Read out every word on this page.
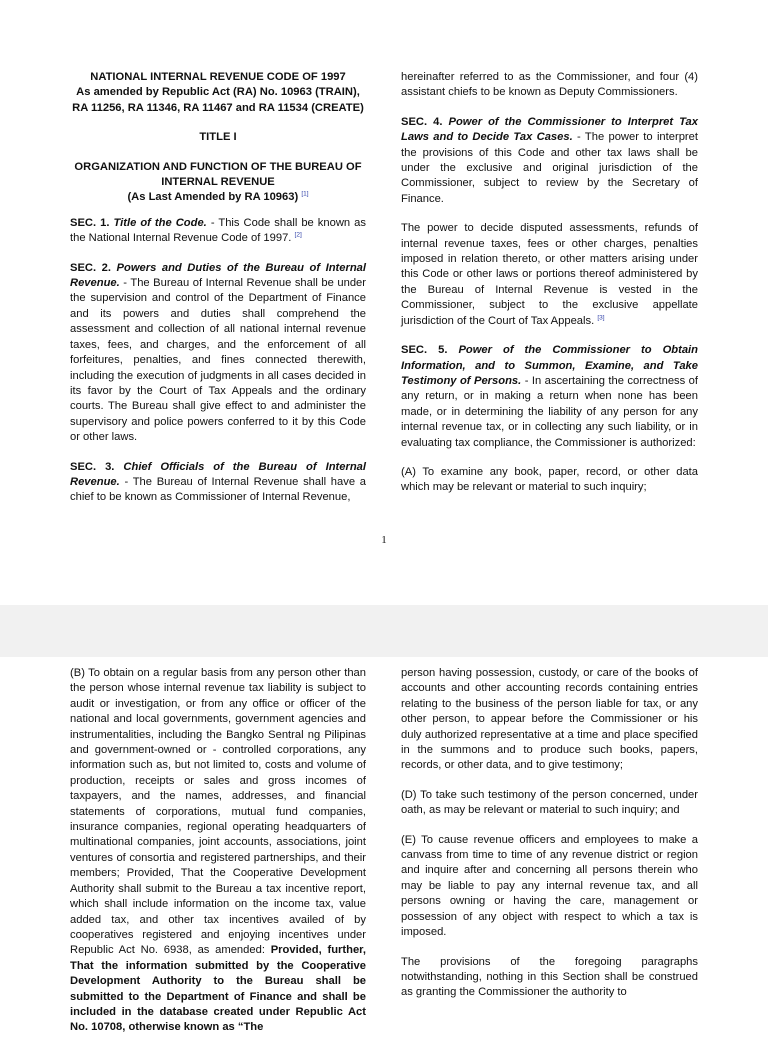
NATIONAL INTERNAL REVENUE CODE OF 1997
As amended by Republic Act (RA) No. 10963 (TRAIN),
RA 11256, RA 11346, RA 11467 and RA 11534 (CREATE)

TITLE I

ORGANIZATION AND FUNCTION OF THE BUREAU OF
INTERNAL REVENUE
(As Last Amended by RA 10963) [1]

SEC. 1. Title of the Code. - This Code shall be known as the National Internal Revenue Code of 1997. [2]

SEC. 2. Powers and Duties of the Bureau of Internal Revenue. - The Bureau of Internal Revenue shall be under the supervision and control of the Department of Finance and its powers and duties shall comprehend the assessment and collection of all national internal revenue taxes, fees, and charges, and the enforcement of all forfeitures, penalties, and fines connected therewith, including the execution of judgments in all cases decided in its favor by the Court of Tax Appeals and the ordinary courts. The Bureau shall give effect to and administer the supervisory and police powers conferred to it by this Code or other laws.

SEC. 3. Chief Officials of the Bureau of Internal Revenue. - The Bureau of Internal Revenue shall have a chief to be known as Commissioner of Internal Revenue,

hereinafter referred to as the Commissioner, and four (4) assistant chiefs to be known as Deputy Commissioners.

SEC. 4. Power of the Commissioner to Interpret Tax Laws and to Decide Tax Cases. - The power to interpret the provisions of this Code and other tax laws shall be under the exclusive and original jurisdiction of the Commissioner, subject to review by the Secretary of Finance.

The power to decide disputed assessments, refunds of internal revenue taxes, fees or other charges, penalties imposed in relation thereto, or other matters arising under this Code or other laws or portions thereof administered by the Bureau of Internal Revenue is vested in the Commissioner, subject to the exclusive appellate jurisdiction of the Court of Tax Appeals. [3]

SEC. 5. Power of the Commissioner to Obtain Information, and to Summon, Examine, and Take Testimony of Persons. - In ascertaining the correctness of any return, or in making a return when none has been made, or in determining the liability of any person for any internal revenue tax, or in collecting any such liability, or in evaluating tax compliance, the Commissioner is authorized:

(A) To examine any book, paper, record, or other data which may be relevant or material to such inquiry;

1

(B) To obtain on a regular basis from any person other than the person whose internal revenue tax liability is subject to audit or investigation, or from any office or officer of the national and local governments, government agencies and instrumentalities, including the Bangko Sentral ng Pilipinas and government-owned or - controlled corporations, any information such as, but not limited to, costs and volume of production, receipts or sales and gross incomes of taxpayers, and the names, addresses, and financial statements of corporations, mutual fund companies, insurance companies, regional operating headquarters of multinational companies, joint accounts, associations, joint ventures of consortia and registered partnerships, and their members; Provided, That the Cooperative Development Authority shall submit to the Bureau a tax incentive report, which shall include information on the income tax, value added tax, and other tax incentives availed of by cooperatives registered and enjoying incentives under Republic Act No. 6938, as amended: Provided, further, That the information submitted by the Cooperative Development Authority to the Bureau shall be submitted to the Department of Finance and shall be included in the database created under Republic Act No. 10708, otherwise known as “The

person having possession, custody, or care of the books of accounts and other accounting records containing entries relating to the business of the person liable for tax, or any other person, to appear before the Commissioner or his duly authorized representative at a time and place specified in the summons and to produce such books, papers, records, or other data, and to give testimony;

(D) To take such testimony of the person concerned, under oath, as may be relevant or material to such inquiry; and

(E) To cause revenue officers and employees to make a canvass from time to time of any revenue district or region and inquire after and concerning all persons therein who may be liable to pay any internal revenue tax, and all persons owning or having the care, management or possession of any object with respect to which a tax is imposed.

The provisions of the foregoing paragraphs notwithstanding, nothing in this Section shall be construed as granting the Commissioner the authority to
